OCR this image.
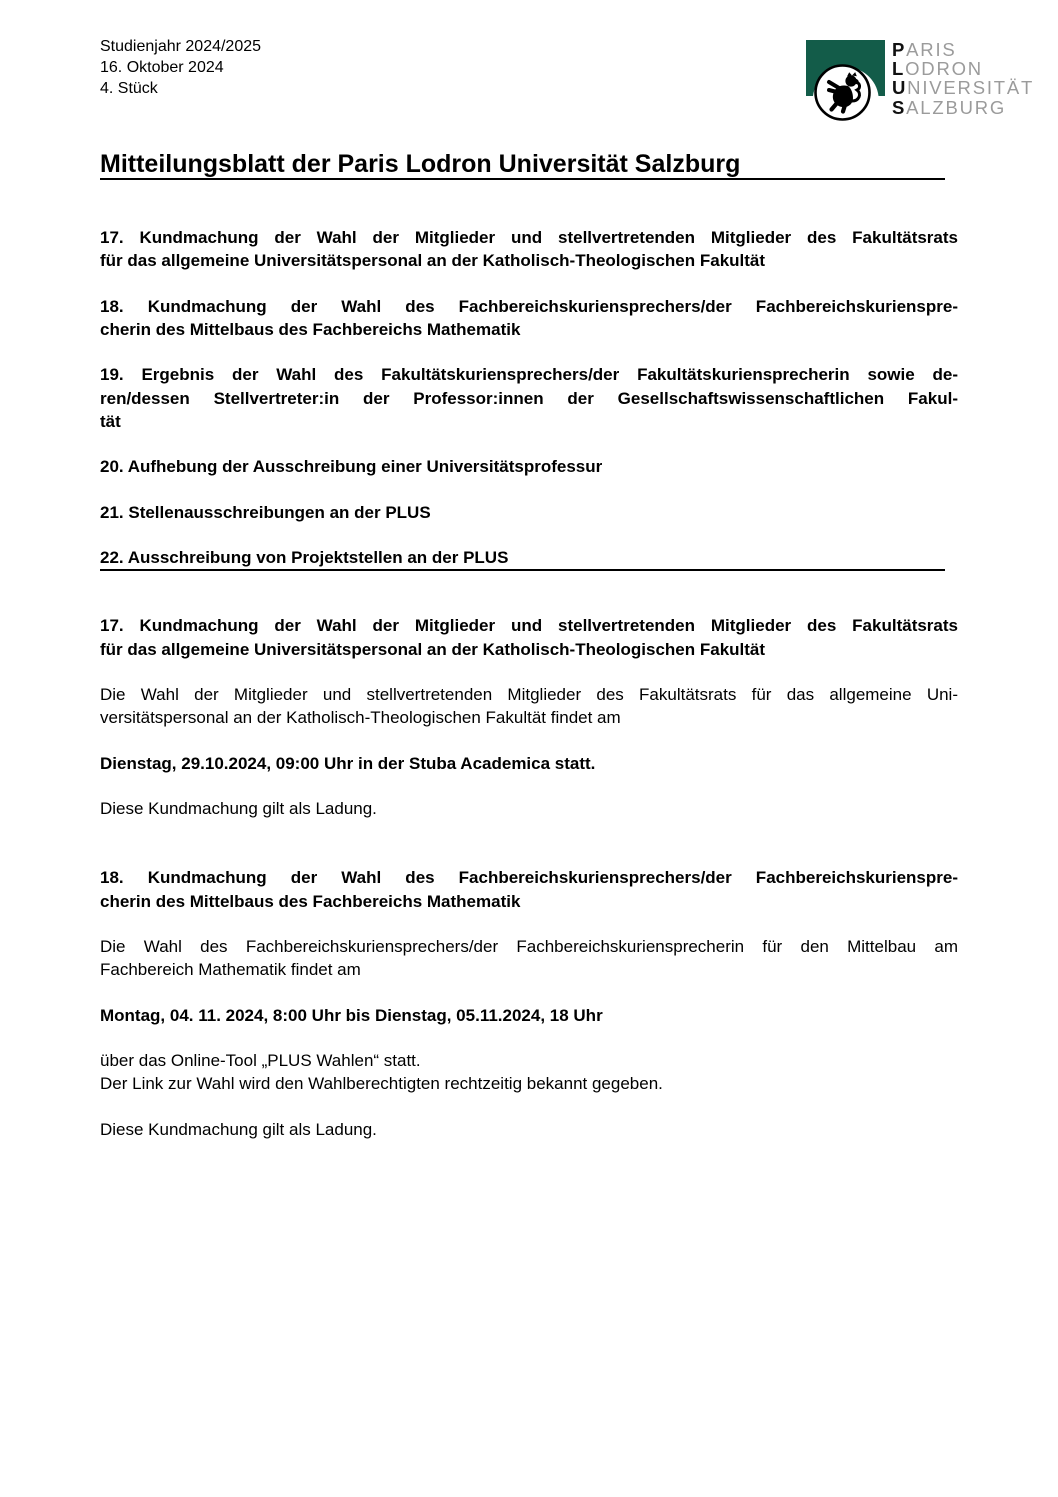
Studienjahr 2024/2025
16. Oktober 2024
4. Stück
PARIS
LODRON
UNIVERSITÄT
SALZBURG
Mitteilungsblatt der Paris Lodron Universität Salzburg

17. Kundmachung der Wahl der Mitglieder und stellvertretenden Mitglieder des Fakultätsrats
für das allgemeine Universitätspersonal an der Katholisch-Theologischen Fakultät

18. Kundmachung der Wahl des Fachbereichskuriensprechers/der Fachbereichskurienspre-
cherin des Mittelbaus des Fachbereichs Mathematik

19. Ergebnis der Wahl des Fakultätskuriensprechers/der Fakultätskuriensprecherin sowie de-
ren/dessen Stellvertreter:in der Professor:innen der Gesellschaftswissenschaftlichen Fakul-
tät

20. Aufhebung der Ausschreibung einer Universitätsprofessur

21. Stellenausschreibungen an der PLUS

22. Ausschreibung von Projektstellen an der PLUS

17. Kundmachung der Wahl der Mitglieder und stellvertretenden Mitglieder des Fakultätsrats
für das allgemeine Universitätspersonal an der Katholisch-Theologischen Fakultät

Die Wahl der Mitglieder und stellvertretenden Mitglieder des Fakultätsrats für das allgemeine Uni-
versitätspersonal an der Katholisch-Theologischen Fakultät findet am

Dienstag, 29.10.2024, 09:00 Uhr in der Stuba Academica statt.

Diese Kundmachung gilt als Ladung.

18. Kundmachung der Wahl des Fachbereichskuriensprechers/der Fachbereichskurienspre-
cherin des Mittelbaus des Fachbereichs Mathematik

Die Wahl des Fachbereichskuriensprechers/der Fachbereichskuriensprecherin für den Mittelbau am
Fachbereich Mathematik findet am

Montag, 04. 11. 2024, 8:00 Uhr bis Dienstag, 05.11.2024, 18 Uhr

über das Online-Tool „PLUS Wahlen“ statt.
Der Link zur Wahl wird den Wahlberechtigten rechtzeitig bekannt gegeben.

Diese Kundmachung gilt als Ladung.
